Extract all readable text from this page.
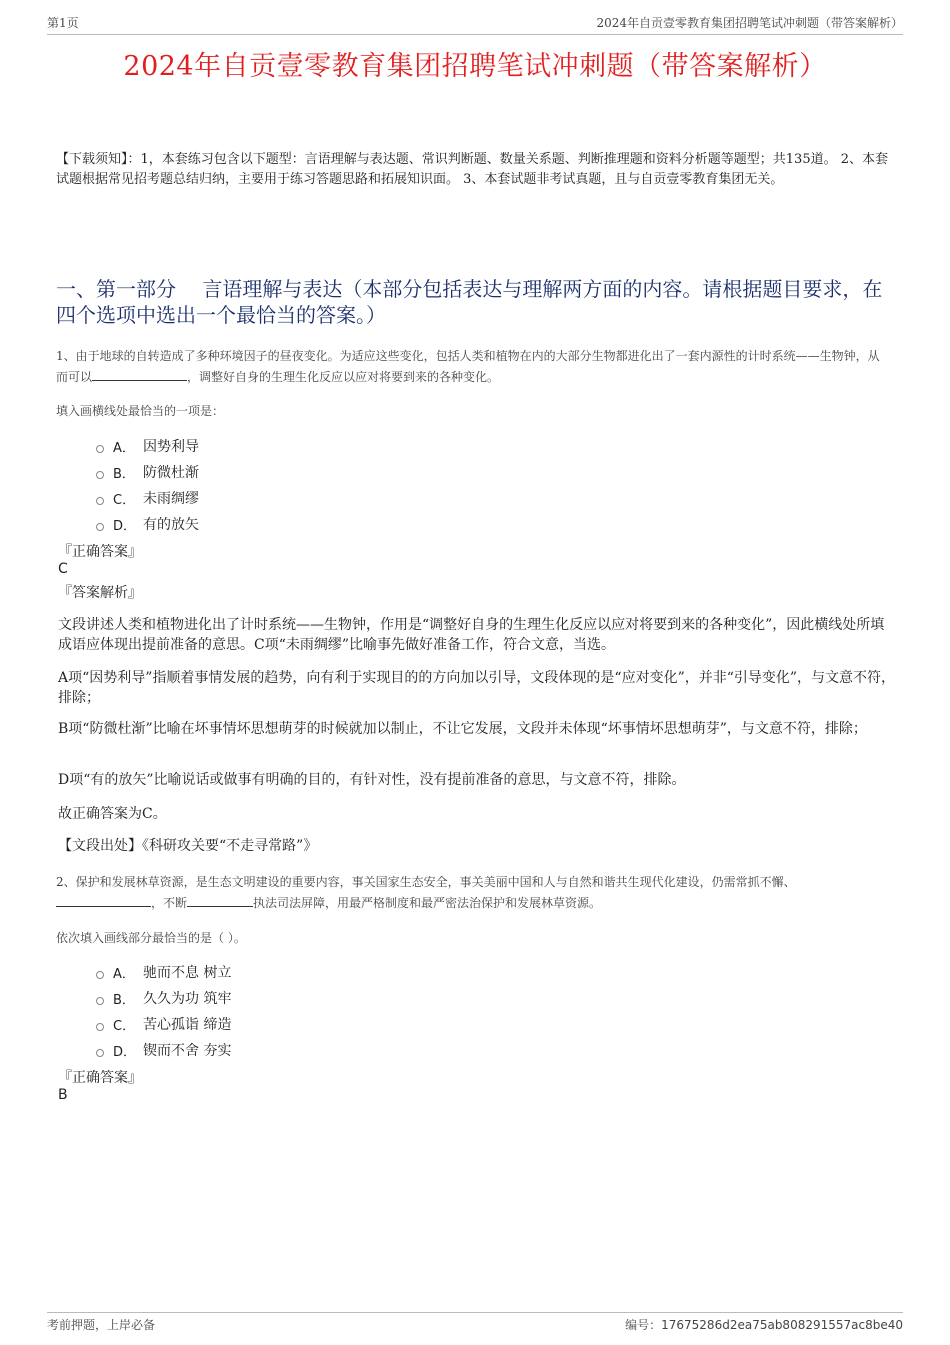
第1页	2024年自贡壹零教育集团招聘笔试冲刺题（带答案解析）
2024年自贡壹零教育集团招聘笔试冲刺题（带答案解析）
【下载须知】：1，本套练习包含以下题型：言语理解与表达题、常识判断题、数量关系题、判断推理题和资料分析题等题型；共135道。 2、本套试题根据常见招考题总结归纳，主要用于练习答题思路和拓展知识面。 3、本套试题非考试真题，且与自贡壹零教育集团无关。
一、第一部分　 言语理解与表达（本部分包括表达与理解两方面的内容。请根据题目要求，在四个选项中选出一个最恰当的答案。）
1、由于地球的自转造成了多种环境因子的昼夜变化。为适应这些变化，包括人类和植物在内的大部分生物都进化出了一套内源性的计时系统——生物钟，从而可以	，调整好自身的生理生化反应以应对将要到来的各种变化。
填入画横线处最恰当的一项是：
A． 因势利导
B． 防微杜渐
C． 未雨绸缪
D． 有的放矢
『正确答案』
C
『答案解析』
文段讲述人类和植物进化出了计时系统——生物钟，作用是“调整好自身的生理生化反应以应对将要到来的各种变化”，因此横线处所填成语应体现出提前准备的意思。C项“未雨绸缪”比喻事先做好准备工作，符合文意，当选。
A项“因势利导”指顺着事情发展的趋势，向有利于实现目的的方向加以引导，文段体现的是“应对变化”，并非“引导变化”，与文意不符，排除；
B项“防微杜渐”比喻在坏事情坏思想萌芽的时候就加以制止，不让它发展，文段并未体现“坏事情坏思想萌芽”，与文意不符，排除；
D项“有的放矢”比喻说话或做事有明确的目的，有针对性，没有提前准备的意思，与文意不符，排除。
故正确答案为C。
【文段出处】《科研攻关要“不走寻常路”》
2、保护和发展林草资源，是生态文明建设的重要内容，事关国家生态安全，事关美丽中国和人与自然和谐共生现代化建设，仍需常抓不懈、，不断	执法司法屏障，用最严格制度和最严密法治保护和发展林草资源。
依次填入画线部分最恰当的是（ ）。
A． 驰而不息 树立
B． 久久为功 筑牢
C． 苦心孤诣 缔造
D． 锲而不舍 夯实
『正确答案』
B
考前押题，上岸必备	编号：17675286d2ea75ab808291557ac8be40
